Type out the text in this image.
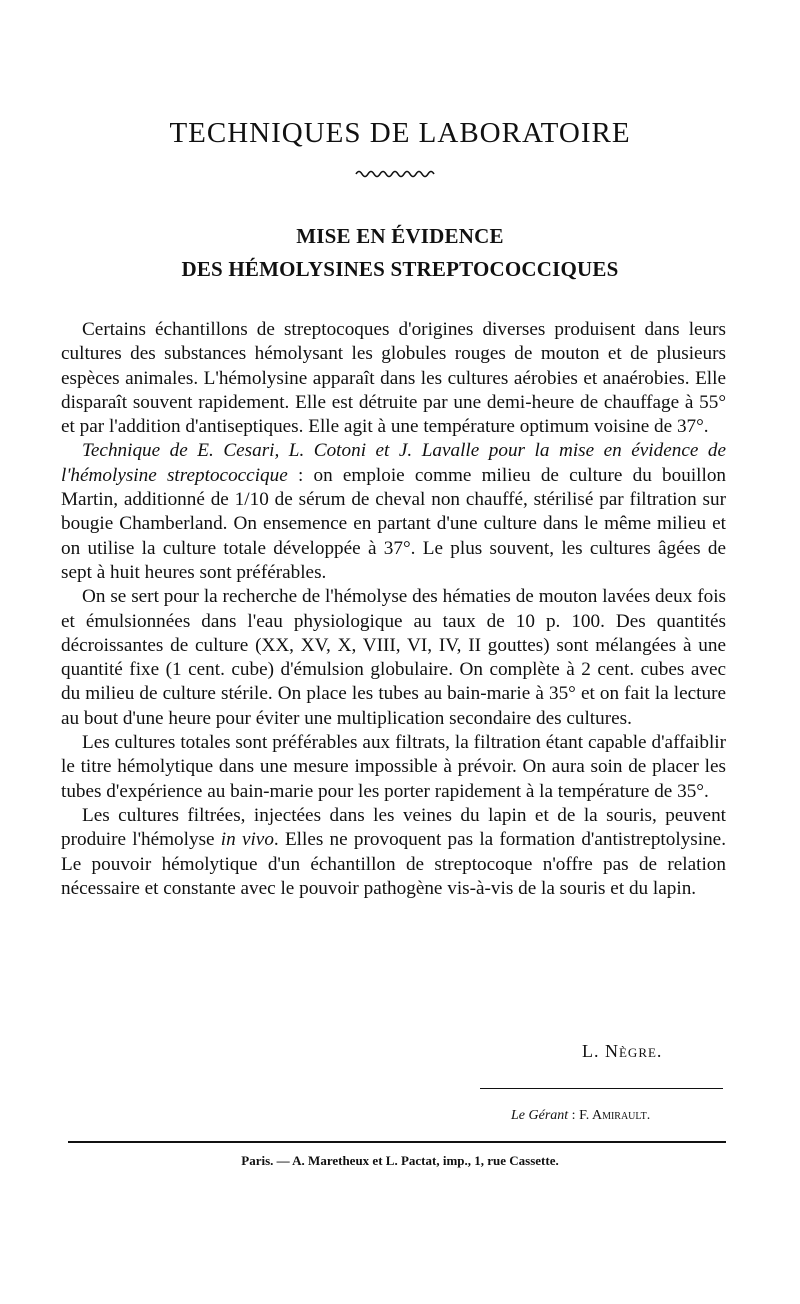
TECHNIQUES DE LABORATOIRE
MISE EN ÉVIDENCE
DES HÉMOLYSINES STREPTOCOCCIQUES

Certains échantillons de streptocoques d'origines diverses produisent dans leurs cultures des substances hémolysant les globules rouges de mouton et de plusieurs espèces animales. L'hémolysine apparaît dans les cultures aérobies et anaérobies. Elle disparaît souvent rapidement. Elle est détruite par une demi-heure de chauffage à 55° et par l'addition d'antiseptiques. Elle agit à une température optimum voisine de 37°.

Technique de E. Cesari, L. Cotoni et J. Lavalle pour la mise en évidence de l'hémolysine streptococcique : on emploie comme milieu de culture du bouillon Martin, additionné de 1/10 de sérum de cheval non chauffé, stérilisé par filtration sur bougie Chamberland. On ensemence en partant d'une culture dans le même milieu et on utilise la culture totale développée à 37°. Le plus souvent, les cultures âgées de sept à huit heures sont préférables.

On se sert pour la recherche de l'hémolyse des hématies de mouton lavées deux fois et émulsionnées dans l'eau physiologique au taux de 10 p. 100. Des quantités décroissantes de culture (XX, XV, X, VIII, VI, IV, II gouttes) sont mélangées à une quantité fixe (1 cent. cube) d'émulsion globulaire. On complète à 2 cent. cubes avec du milieu de culture stérile. On place les tubes au bain-marie à 35° et on fait la lecture au bout d'une heure pour éviter une multiplication secondaire des cultures.

Les cultures totales sont préférables aux filtrats, la filtration étant capable d'affaiblir le titre hémolytique dans une mesure impossible à prévoir. On aura soin de placer les tubes d'expérience au bain-marie pour les porter rapidement à la température de 35°.

Les cultures filtrées, injectées dans les veines du lapin et de la souris, peuvent produire l'hémolyse in vivo. Elles ne provoquent pas la formation d'antistreptolysine. Le pouvoir hémolytique d'un échantillon de streptocoque n'offre pas de relation nécessaire et constante avec le pouvoir pathogène vis-à-vis de la souris et du lapin.

L. Nègre.
Le Gérant : F. Amirault.
Paris. — A. Maretheux et L. Pactat, imp., 1, rue Cassette.
